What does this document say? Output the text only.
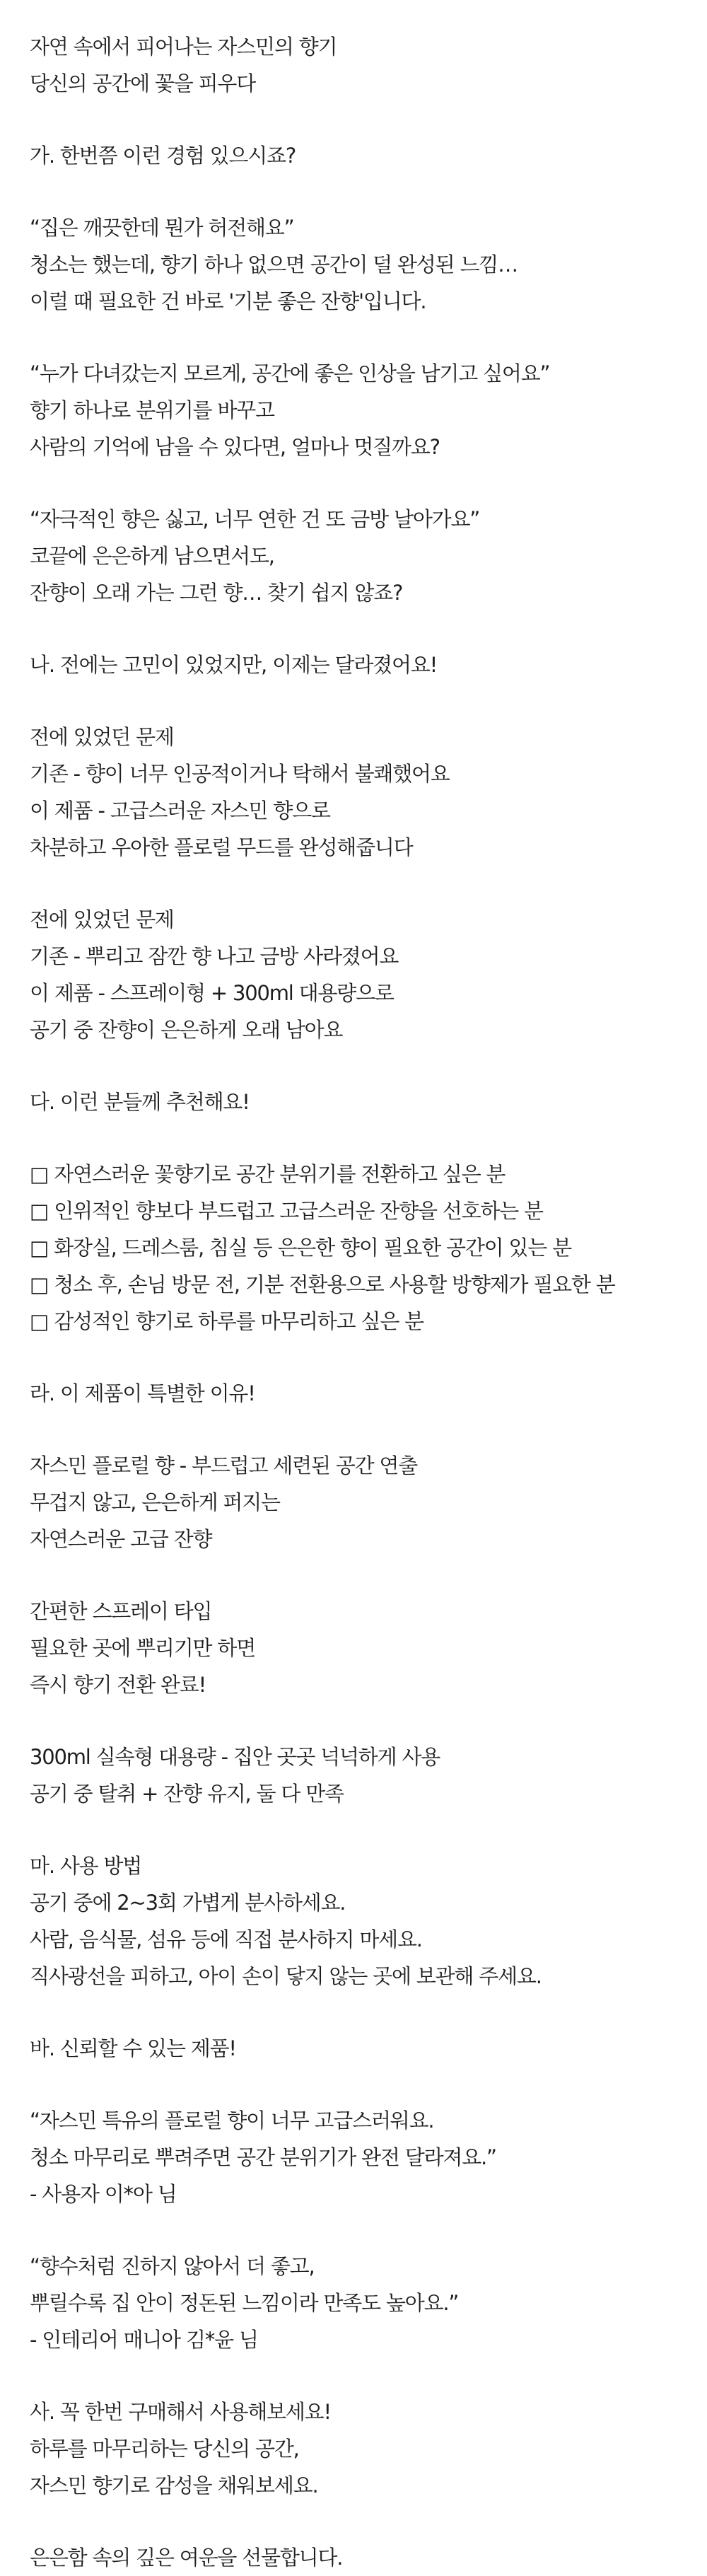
자연 속에서 피어나는 자스민의 향기
당신의 공간에 꽃을 피우다
가. 한번쯤 이런 경험 있으시죠?
“집은 깨끗한데 뭔가 허전해요”
청소는 했는데, 향기 하나 없으면 공간이 덜 완성된 느낌…
이럴 때 필요한 건 바로 '기분 좋은 잔향'입니다.
“누가 다녀갔는지 모르게, 공간에 좋은 인상을 남기고 싶어요”
향기 하나로 분위기를 바꾸고
사람의 기억에 남을 수 있다면, 얼마나 멋질까요?
“자극적인 향은 싫고, 너무 연한 건 또 금방 날아가요”
코끝에 은은하게 남으면서도,
잔향이 오래 가는 그런 향… 찾기 쉽지 않죠?
나. 전에는 고민이 있었지만, 이제는 달라졌어요!
전에 있었던 문제
기존 - 향이 너무 인공적이거나 탁해서 불쾌했어요
이 제품 - 고급스러운 자스민 향으로
차분하고 우아한 플로럴 무드를 완성해줍니다
전에 있었던 문제
기존 - 뿌리고 잠깐 향 나고 금방 사라졌어요
이 제품 - 스프레이형 + 300ml 대용량으로
공기 중 잔향이 은은하게 오래 남아요
다. 이런 분들께 추천해요!
□ 자연스러운 꽃향기로 공간 분위기를 전환하고 싶은 분
□ 인위적인 향보다 부드럽고 고급스러운 잔향을 선호하는 분
□ 화장실, 드레스룸, 침실 등 은은한 향이 필요한 공간이 있는 분
□ 청소 후, 손님 방문 전, 기분 전환용으로 사용할 방향제가 필요한 분
□ 감성적인 향기로 하루를 마무리하고 싶은 분
라. 이 제품이 특별한 이유!
자스민 플로럴 향 - 부드럽고 세련된 공간 연출
무겁지 않고, 은은하게 퍼지는
자연스러운 고급 잔향
간편한 스프레이 타입
필요한 곳에 뿌리기만 하면
즉시 향기 전환 완료!
300ml 실속형 대용량 - 집안 곳곳 넉넉하게 사용
공기 중 탈취 + 잔향 유지, 둘 다 만족
마. 사용 방법
공기 중에 2~3회 가볍게 분사하세요.
사람, 음식물, 섬유 등에 직접 분사하지 마세요.
직사광선을 피하고, 아이 손이 닿지 않는 곳에 보관해 주세요.
바. 신뢰할 수 있는 제품!
“자스민 특유의 플로럴 향이 너무 고급스러워요.
청소 마무리로 뿌려주면 공간 분위기가 완전 달라져요.”
- 사용자 이*아 님
“향수처럼 진하지 않아서 더 좋고,
뿌릴수록 집 안이 정돈된 느낌이라 만족도 높아요.”
- 인테리어 매니아 김*윤 님
사. 꼭 한번 구매해서 사용해보세요!
하루를 마무리하는 당신의 공간,
자스민 향기로 감성을 채워보세요.
은은함 속의 깊은 여운을 선물합니다.
